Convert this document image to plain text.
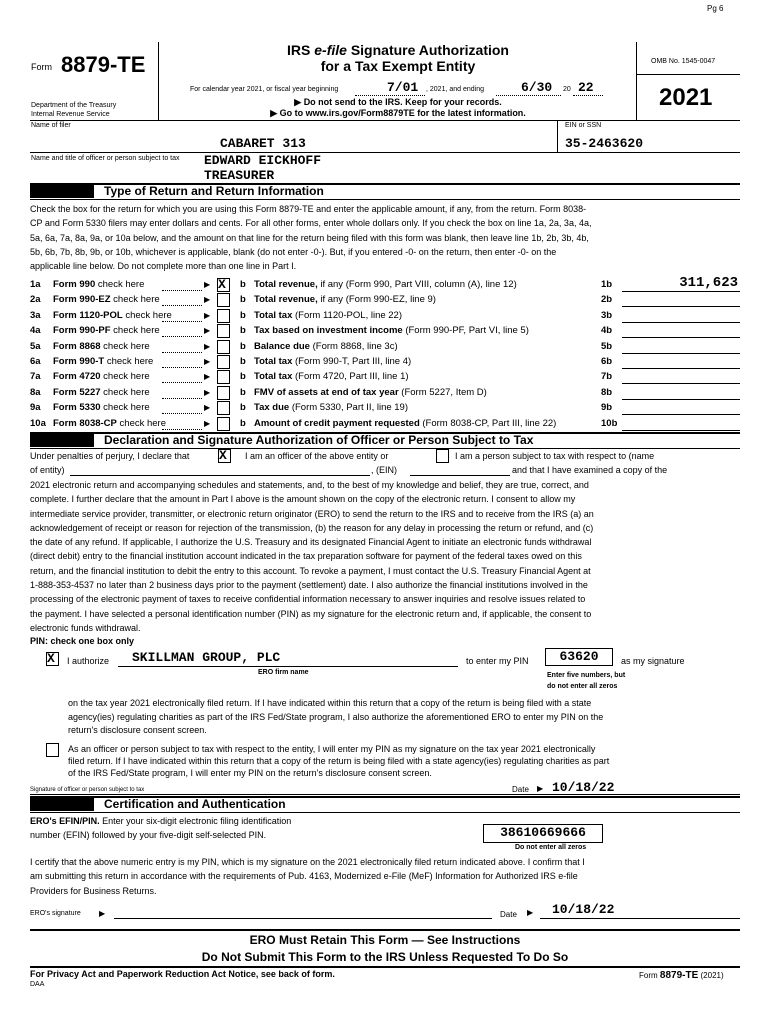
Pg 6
Form 8879-TE
Department of the Treasury
Internal Revenue Service
IRS e-file Signature Authorization
for a Tax Exempt Entity
For calendar year 2021, or fiscal year beginning	7/01 , 2021, and ending	6/30 20 22
▶ Do not send to the IRS. Keep for your records.
▶ Go to www.irs.gov/Form8879TE for the latest information.
OMB No. 1545-0047
2021
Name of filer
CABARET 313
EIN or SSN
35-2463620
Name and title of officer or person subject to tax EDWARD EICKHOFF
TREASURER
Type of Return and Return Information
Check the box for the return for which you are using this Form 8879-TE and enter the applicable amount, if any, from the return. Form 8038-
CP and Form 5330 filers may enter dollars and cents. For all other forms, enter whole dollars only. If you check the box on line 1a, 2a, 3a, 4a,
5a, 6a, 7a, 8a, 9a, or 10a below, and the amount on that line for the return being filed with this form was blank, then leave line 1b, 2b, 3b, 4b,
5b, 6b, 7b, 8b, 9b, or 10b, whichever is applicable, blank (do not enter -0-). But, if you entered -0- on the return, then enter -0- on the
applicable line below. Do not complete more than one line in Part I.
1a Form 990 check here	▶ X b Total revenue, if any (Form 990, Part VIII, column (A), line 12)	1b	311,623
2a Form 990-EZ check here	▶	b Total revenue, if any (Form 990-EZ, line 9)	2b
3a Form 1120-POL check here	▶	b Total tax (Form 1120-POL, line 22)	3b
4a Form 990-PF check here	▶	b Tax based on investment income (Form 990-PF, Part VI, line 5)	4b
5a Form 8868 check here	▶	b Balance due (Form 8868, line 3c)	5b
6a Form 990-T check here	▶	b Total tax (Form 990-T, Part III, line 4)	6b
7a Form 4720 check here	▶	b Total tax (Form 4720, Part III, line 1)	7b
8a Form 5227 check here	▶	b FMV of assets at end of tax year (Form 5227, Item D)	8b
9a Form 5330 check here	▶	b Tax due (Form 5330, Part II, line 19)	9b
10a Form 8038-CP check here	▶	b Amount of credit payment requested (Form 8038-CP, Part III, line 22)	10b
Declaration and Signature Authorization of Officer or Person Subject to Tax
Under penalties of perjury, I declare that X I am an officer of the above entity or	I am a person subject to tax with respect to (name
of entity)	, (EIN)	and that I have examined a copy of the
2021 electronic return and accompanying schedules and statements, and, to the best of my knowledge and belief, they are true, correct, and
complete. I further declare that the amount in Part I above is the amount shown on the copy of the electronic return. I consent to allow my
intermediate service provider, transmitter, or electronic return originator (ERO) to send the return to the IRS and to receive from the IRS (a) an
acknowledgement of receipt or reason for rejection of the transmission, (b) the reason for any delay in processing the return or refund, and (c)
the date of any refund. If applicable, I authorize the U.S. Treasury and its designated Financial Agent to initiate an electronic funds withdrawal
(direct debit) entry to the financial institution account indicated in the tax preparation software for payment of the federal taxes owed on this
return, and the financial institution to debit the entry to this account. To revoke a payment, I must contact the U.S. Treasury Financial Agent at
1-888-353-4537 no later than 2 business days prior to the payment (settlement) date. I also authorize the financial institutions involved in the
processing of the electronic payment of taxes to receive confidential information necessary to answer inquiries and resolve issues related to
the payment. I have selected a personal identification number (PIN) as my signature for the electronic return and, if applicable, the consent to
electronic funds withdrawal.
PIN: check one box only
X I authorize SKILLMAN GROUP, PLC
ERO firm name
to enter my PIN	63620	as my signature
Enter five numbers, but
do not enter all zeros
on the tax year 2021 electronically filed return. If I have indicated within this return that a copy of the return is being filed with a state
agency(ies) regulating charities as part of the IRS Fed/State program, I also authorize the aforementioned ERO to enter my PIN on the
return's disclosure consent screen.
As an officer or person subject to tax with respect to the entity, I will enter my PIN as my signature on the tax year 2021 electronically
filed return. If I have indicated within this return that a copy of the return is being filed with a state agency(ies) regulating charities as part
of the IRS Fed/State program, I will enter my PIN on the return's disclosure consent screen.
Signature of officer or person subject to tax	Date ▶ 10/18/22
Certification and Authentication
ERO's EFIN/PIN. Enter your six-digit electronic filing identification
number (EFIN) followed by your five-digit self-selected PIN.	38610669666
Do not enter all zeros
I certify that the above numeric entry is my PIN, which is my signature on the 2021 electronically filed return indicated above. I confirm that I
am submitting this return in accordance with the requirements of Pub. 4163, Modernized e-File (MeF) Information for Authorized IRS e-file
Providers for Business Returns.
ERO's signature ▶	Date ▶ 10/18/22
ERO Must Retain This Form — See Instructions
Do Not Submit This Form to the IRS Unless Requested To Do So
For Privacy Act and Paperwork Reduction Act Notice, see back of form.
DAA
Form 8879-TE (2021)
